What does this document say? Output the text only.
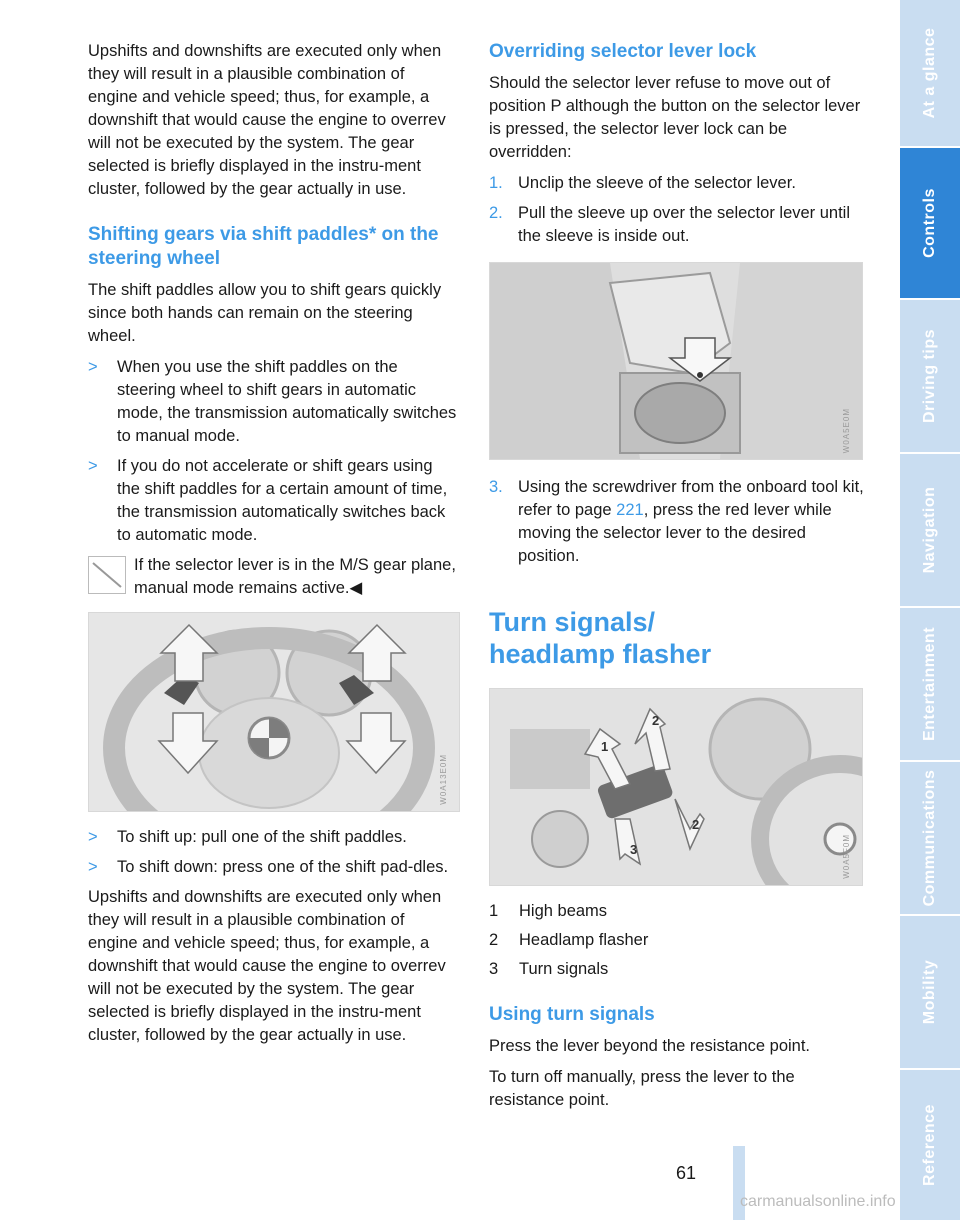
Upshifts and downshifts are executed only when they will result in a plausible combination of engine and vehicle speed; thus, for example, a downshift that would cause the engine to overrev will not be executed by the system. The gear selected is briefly displayed in the instru-ment cluster, followed by the gear actually in use.

Shifting gears via shift paddles* on the steering wheel

The shift paddles allow you to shift gears quickly since both hands can remain on the steering wheel.

>	When you use the shift paddles on the steering wheel to shift gears in automatic mode, the transmission automatically switches to manual mode.
>	If you do not accelerate or shift gears using the shift paddles for a certain amount of time, the transmission automatically switches back to automatic mode.
If the selector lever is in the M/S gear plane, manual mode remains active.◀
W0A13E0M
>	To shift up: pull one of the shift paddles.
>	To shift down: press one of the shift pad-dles.

Upshifts and downshifts are executed only when they will result in a plausible combination of engine and vehicle speed; thus, for example, a downshift that would cause the engine to overrev will not be executed by the system. The gear selected is briefly displayed in the instru-ment cluster, followed by the gear actually in use.

Overriding selector lever lock

Should the selector lever refuse to move out of position P although the button on the selector lever is pressed, the selector lever lock can be overridden:

1. Unclip the sleeve of the selector lever.
2. Pull the sleeve up over the selector lever until the sleeve is inside out.
W0A5E0M
3. Using the screwdriver from the onboard tool kit, refer to page 221, press the red lever while moving the selector lever to the desired position.
Turn signals/
headlamp flasher
1
2
2
3	W0A5F0M
1	High beams
2	Headlamp flasher
3	Turn signals
Using turn signals

Press the lever beyond the resistance point.

To turn off manually, press the lever to the resistance point.

At a glance
Controls
Driving tips
Navigation
Entertainment
Communications
Mobility
Reference
61
carmanualsonline.info
